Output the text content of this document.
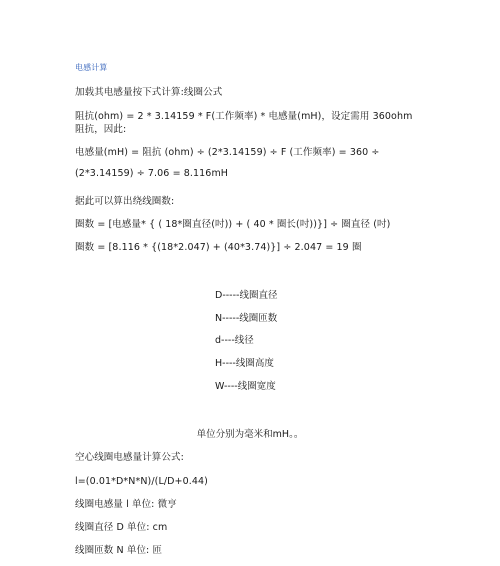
电感计算
加载其电感量按下式计算:线圈公式
阻抗(ohm) = 2 * 3.14159 * F(工作频率) * 电感量(mH)，设定需用 360ohm
阻抗，因此:
电感量(mH) = 阻抗 (ohm) ÷ (2*3.14159) ÷ F (工作频率) = 360 ÷
(2*3.14159) ÷ 7.06 = 8.116mH
据此可以算出绕线圈数:
圈数 = [电感量* { ( 18*圈直径(吋)) + ( 40 * 圈长(吋))}] ÷ 圈直径 (吋)
圈数 = [8.116 * {(18*2.047) + (40*3.74)}] ÷ 2.047 = 19 圈
D-----线圈直径
N-----线圈匝数
d----线径
H----线圈高度
W----线圈宽度
单位分别为毫米和mH。。
空心线圈电感量计算公式:
l=(0.01*D*N*N)/(L/D+0.44)
线圈电感量 l 单位: 微亨
线圈直径 D 单位: cm
线圈匝数 N 单位: 匝
